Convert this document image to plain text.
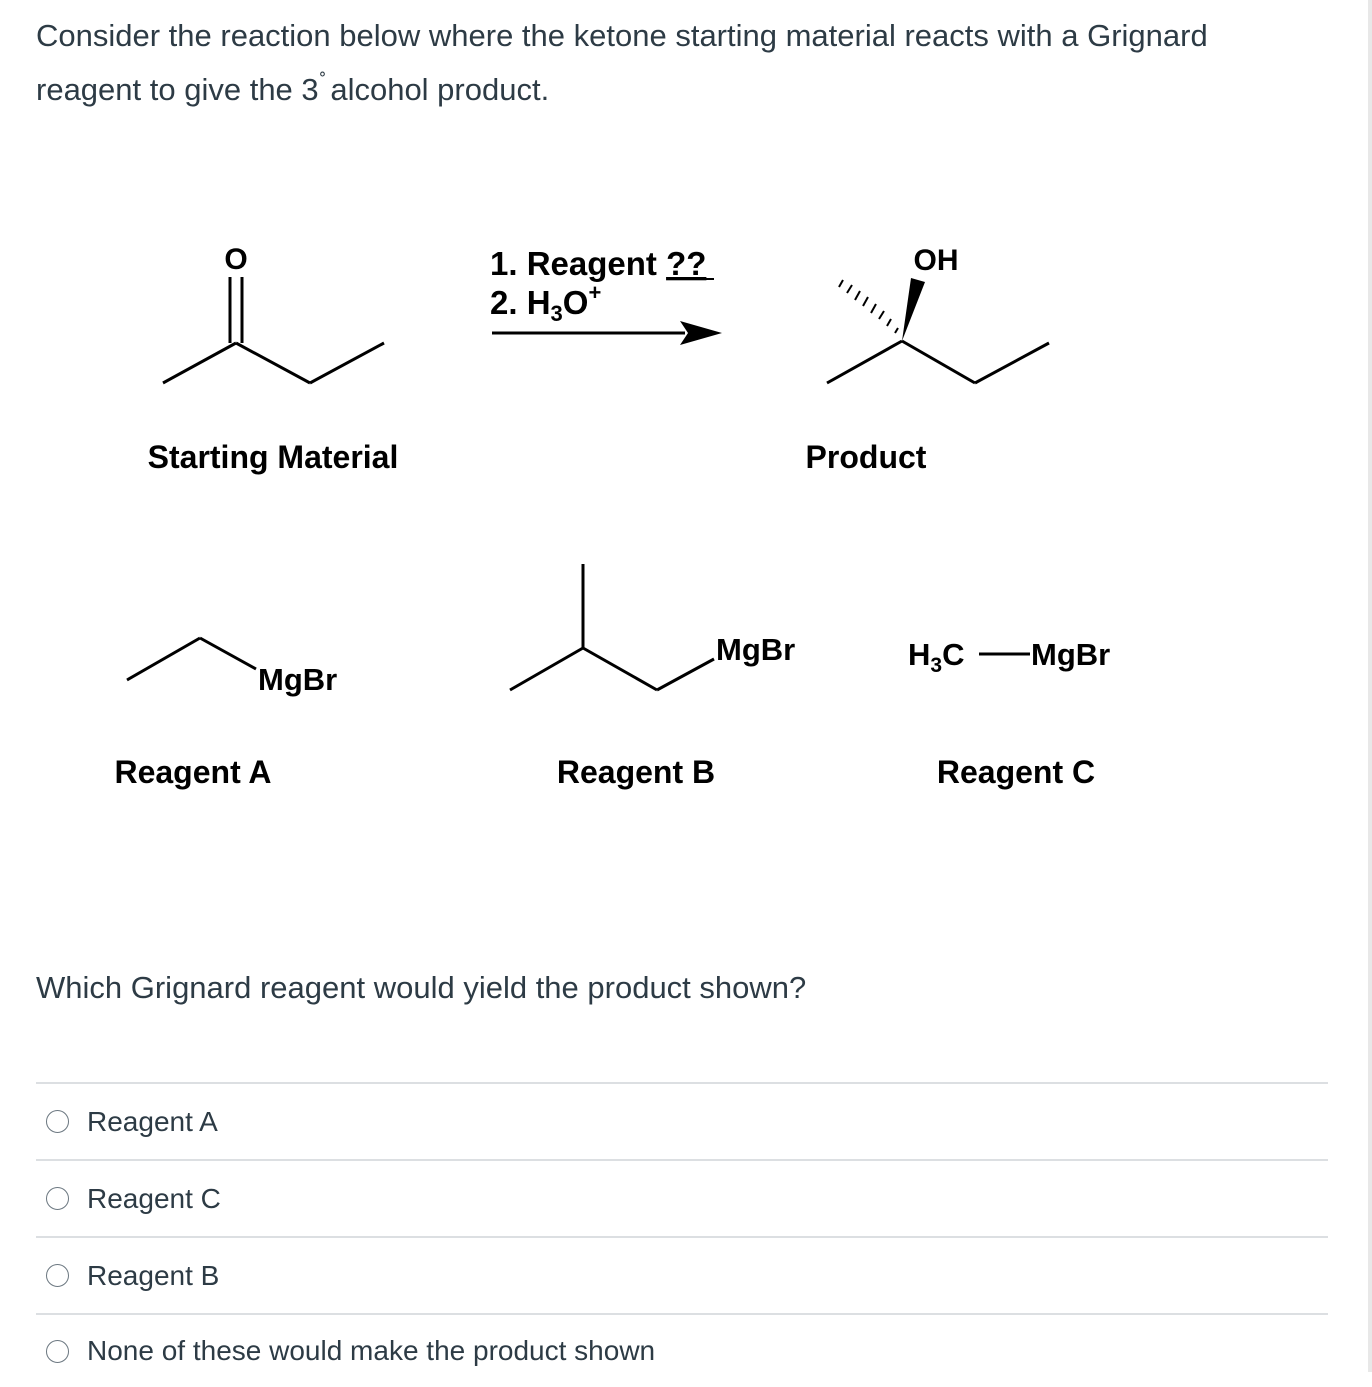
Consider the reaction below where the ketone starting material reacts with a Grignard reagent to give the 3˚ alcohol product.
O	1. Reagent ??
2. $H_3O^+$
OH
Starting Material	Product
MgBr
MgBr	$H_3C$ MgBr
Reagent A	Reagent B	Reagent C
Which Grignard reagent would yield the product shown?
Reagent A
Reagent C
Reagent B
None of these would make the product shown
